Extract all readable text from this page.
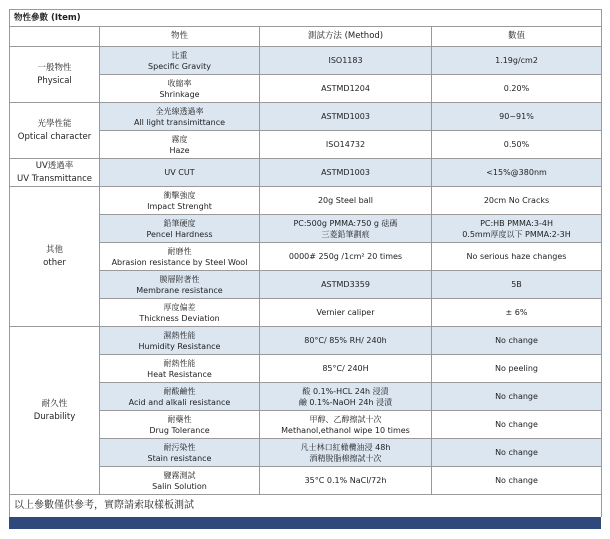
物性參數 (Item)			
	物性	測試方法 (Method)	數值

一般物性
Physical	比重
Specific Gravity	ISO1183	1.19g/cm2

	收縮率
Shrinkage	ASTMD1204	0.20%

光學性能
Optical character	全光線透過率
All light transimittance	ASTMD1003	90~91%

	霧度
Haze	ISO14732	0.50%

UV透過率
UV Transmittance	UV CUT	ASTMD1003	<15%@380nm

其他
other	衝擊強度
Impact Strenght	20g Steel ball	20cm No Cracks

	鉛筆硬度
Pencel Hardness	PC:500g PMMA:750 g 砝碼
三菱鉛筆劃痕	PC:HB PMMA:3-4H
0.5mm厚度以下 PMMA:2-3H

	耐磨性
Abrasion resistance by Steel Wool	0000# 250g /1cm² 20 times	No serious haze changes

	膜層附著性
Membrane resistance	ASTMD3359	5B

	厚度偏差
Thickness Deviation	Vernier caliper	± 6%

耐久性
Durability	濕熱性能
Humidity Resistance	80°C/ 85% RH/ 240h	No change

	耐熱性能
Heat Resistance	85°C/ 240H	No peeling

	耐酸鹼性
Acid and alkali resistance	酸 0.1%-HCL 24h 浸漬
鹼 0.1%-NaOH 24h 浸漬	No change

	耐藥性
Drug Tolerance	甲醇、乙醇擦試十次
Methanol,ethanol wipe 10 times	No change

	耐污染性
Stain resistance	凡士林口紅橄欖油浸 48h
酒精脫脂棉擦試十次	No change

	鹽霧測試
Salin Solution	35°C 0.1% NaCl/72h	No change
以上參數僅供參考，實際請索取樣板測試			
